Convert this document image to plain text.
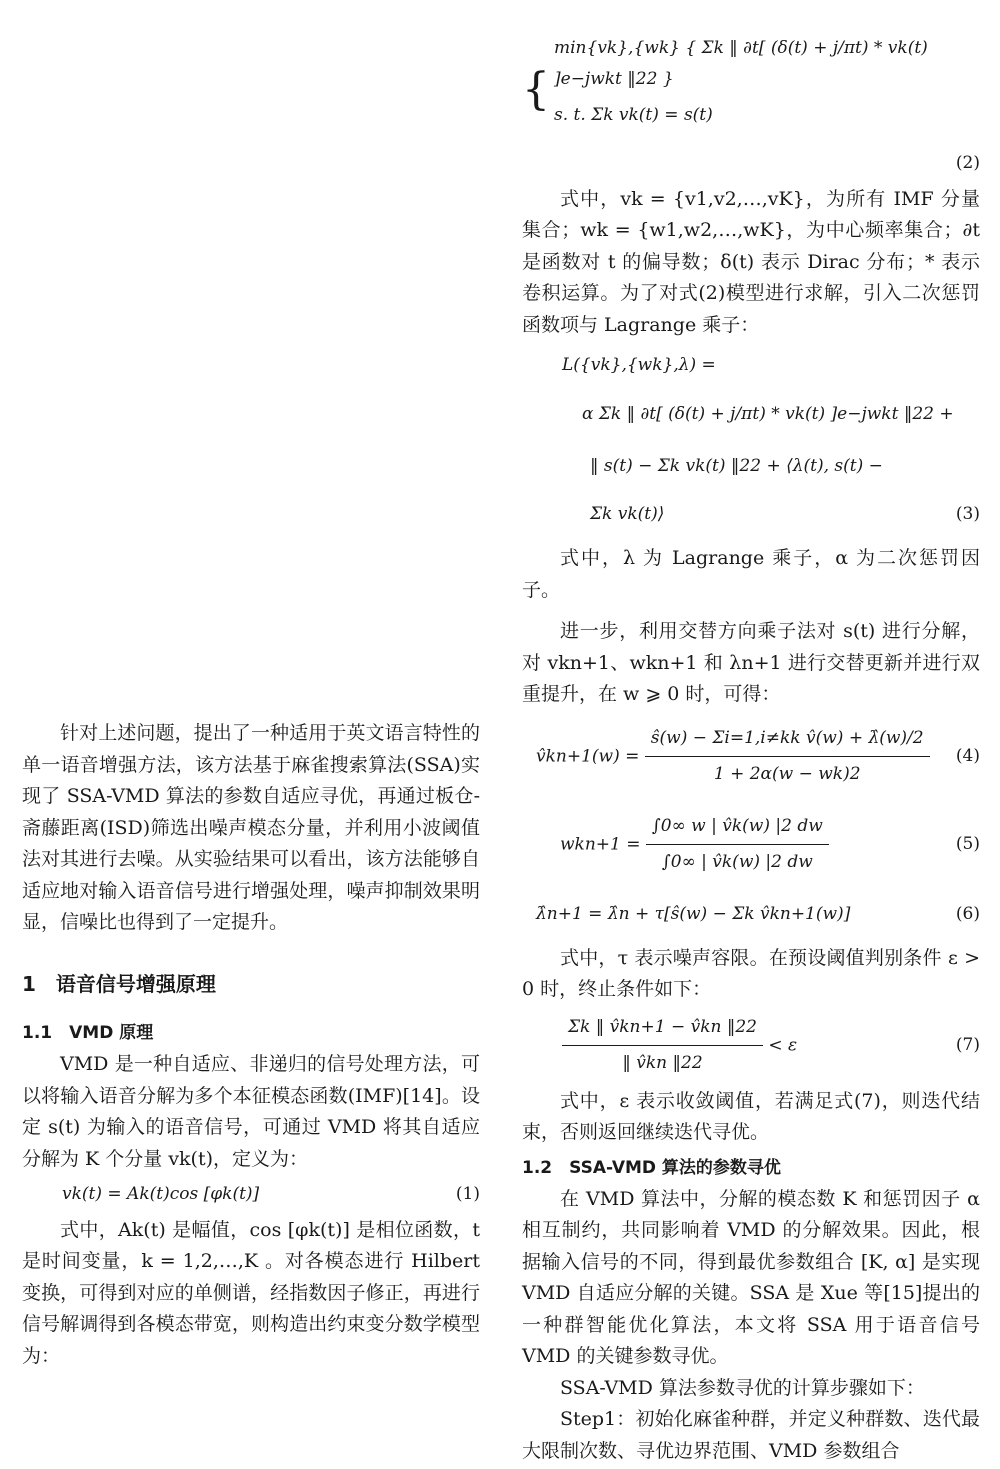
针对上述问题，提出了一种适用于英文语言特性的单一语音增强方法，该方法基于麻雀搜索算法(SSA)实现了 SSA-VMD 算法的参数自适应寻优，再通过板仓-斋藤距离(ISD)筛选出噪声模态分量，并利用小波阈值法对其进行去噪。从实验结果可以看出，该方法能够自适应地对输入语音信号进行增强处理，噪声抑制效果明显，信噪比也得到了一定提升。

1　语音信号增强原理
1.1　VMD 原理

VMD 是一种自适应、非递归的信号处理方法，可以将输入语音分解为多个本征模态函数(IMF)[14]。设定 s(t) 为输入的语音信号，可通过 VMD 将其自适应分解为 K 个分量 vk(t)，定义为：

vk(t) = Ak(t)cos [φk(t)]	(1)

式中，Ak(t) 是幅值，cos [φk(t)] 是相位函数，t 是时间变量，k = 1,2,…,K 。对各模态进行 Hilbert 变换，可得到对应的单侧谱，经指数因子修正，再进行信号解调得到各模态带宽，则构造出约束变分数学模型为：

{
min{vk},{wk} { Σk ‖ ∂t[ (δ(t) + j/πt) * vk(t) ]e−jwkt ‖22 }
s. t. Σk vk(t) = s(t)
(2)

式中，vk = {v1,v2,…,vK}，为所有 IMF 分量集合；wk = {w1,w2,…,wK}，为中心频率集合；∂t 是函数对 t 的偏导数；δ(t) 表示 Dirac 分布；* 表示卷积运算。为了对式(2)模型进行求解，引入二次惩罚函数项与 Lagrange 乘子：

L({vk},{wk},λ) =
α Σk ‖ ∂t[ (δ(t) + j/πt) * vk(t) ]e−jwkt ‖22 +
‖ s(t) − Σk vk(t) ‖22 + ⟨λ(t), s(t) −
Σk vk(t)⟩	(3)

式中，λ 为 Lagrange 乘子，α 为二次惩罚因子。

进一步，利用交替方向乘子法对 s(t) 进行分解，对 vkn+1、wkn+1 和 λn+1 进行交替更新并进行双重提升，在 w ⩾ 0 时，可得：

v̂kn+1(w) = $\frac{\text{ŝ(w) − Σi=1,i≠kk v̂(w) + λ̂(w)/2}}{1 + 2\alpha(w - wk)2} (4)$
$wkn+1 = \frac{\int 0\infty w | v̂k(w) |2 dw}{\int 0\infty | v̂k(w) |2 dw}$	(5)
λ̂n+1 = λ̂n + τ[ŝ(w) − Σk v̂kn+1(w)]	(6)

式中，τ 表示噪声容限。在预设阈值判别条件 ε > 0 时，终止条件如下：

$\frac{\Sigma k ‖ v̂kn+1 - v̂kn ‖22}{‖ v̂kn ‖22} < \varepsilon$	(7)

式中，ε 表示收敛阈值，若满足式(7)，则迭代结束，否则返回继续迭代寻优。

1.2　SSA-VMD 算法的参数寻优

在 VMD 算法中，分解的模态数 K 和惩罚因子 α 相互制约，共同影响着 VMD 的分解效果。因此，根据输入信号的不同，得到最优参数组合 [K, α] 是实现 VMD 自适应分解的关键。SSA 是 Xue 等[15]提出的一种群智能优化算法，本文将 SSA 用于语音信号 VMD 的关键参数寻优。

SSA-VMD 算法参数寻优的计算步骤如下：

Step1：初始化麻雀种群，并定义种群数、迭代最大限制次数、寻优边界范围、VMD 参数组合
